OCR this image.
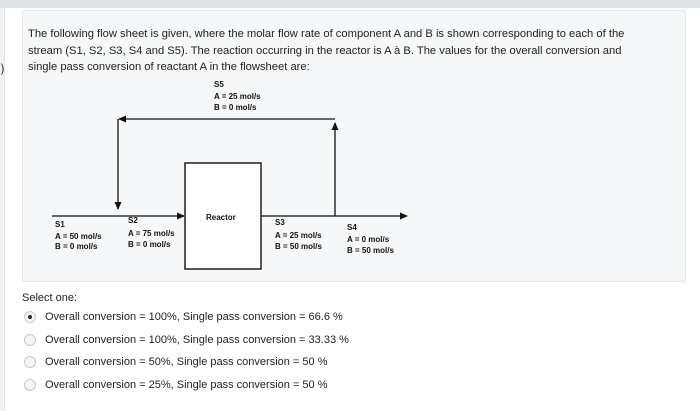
)
The following flow sheet is given, where the molar flow rate of component A and B is shown corresponding to each of the stream (S1, S2, S3, S4 and S5). The reaction occurring in the reactor is A à B. The values for the overall conversion and single pass conversion of reactant A in the flowsheet are:
Reactor
S5
A = 25 mol/s
B = 0 mol/s
S1
A = 50 mol/s
B = 0 mol/s
S2
A = 75 mol/s
B = 0 mol/s
S3
A = 25 mol/s
B = 50 mol/s
S4
A = 0 mol/s
B = 50 mol/s
Select one:
Overall conversion = 100%, Single pass conversion = 66.6 %
Overall conversion = 100%, Single pass conversion = 33.33 %
Overall conversion = 50%, Single pass conversion = 50 %
Overall conversion = 25%, Single pass conversion = 50 %
